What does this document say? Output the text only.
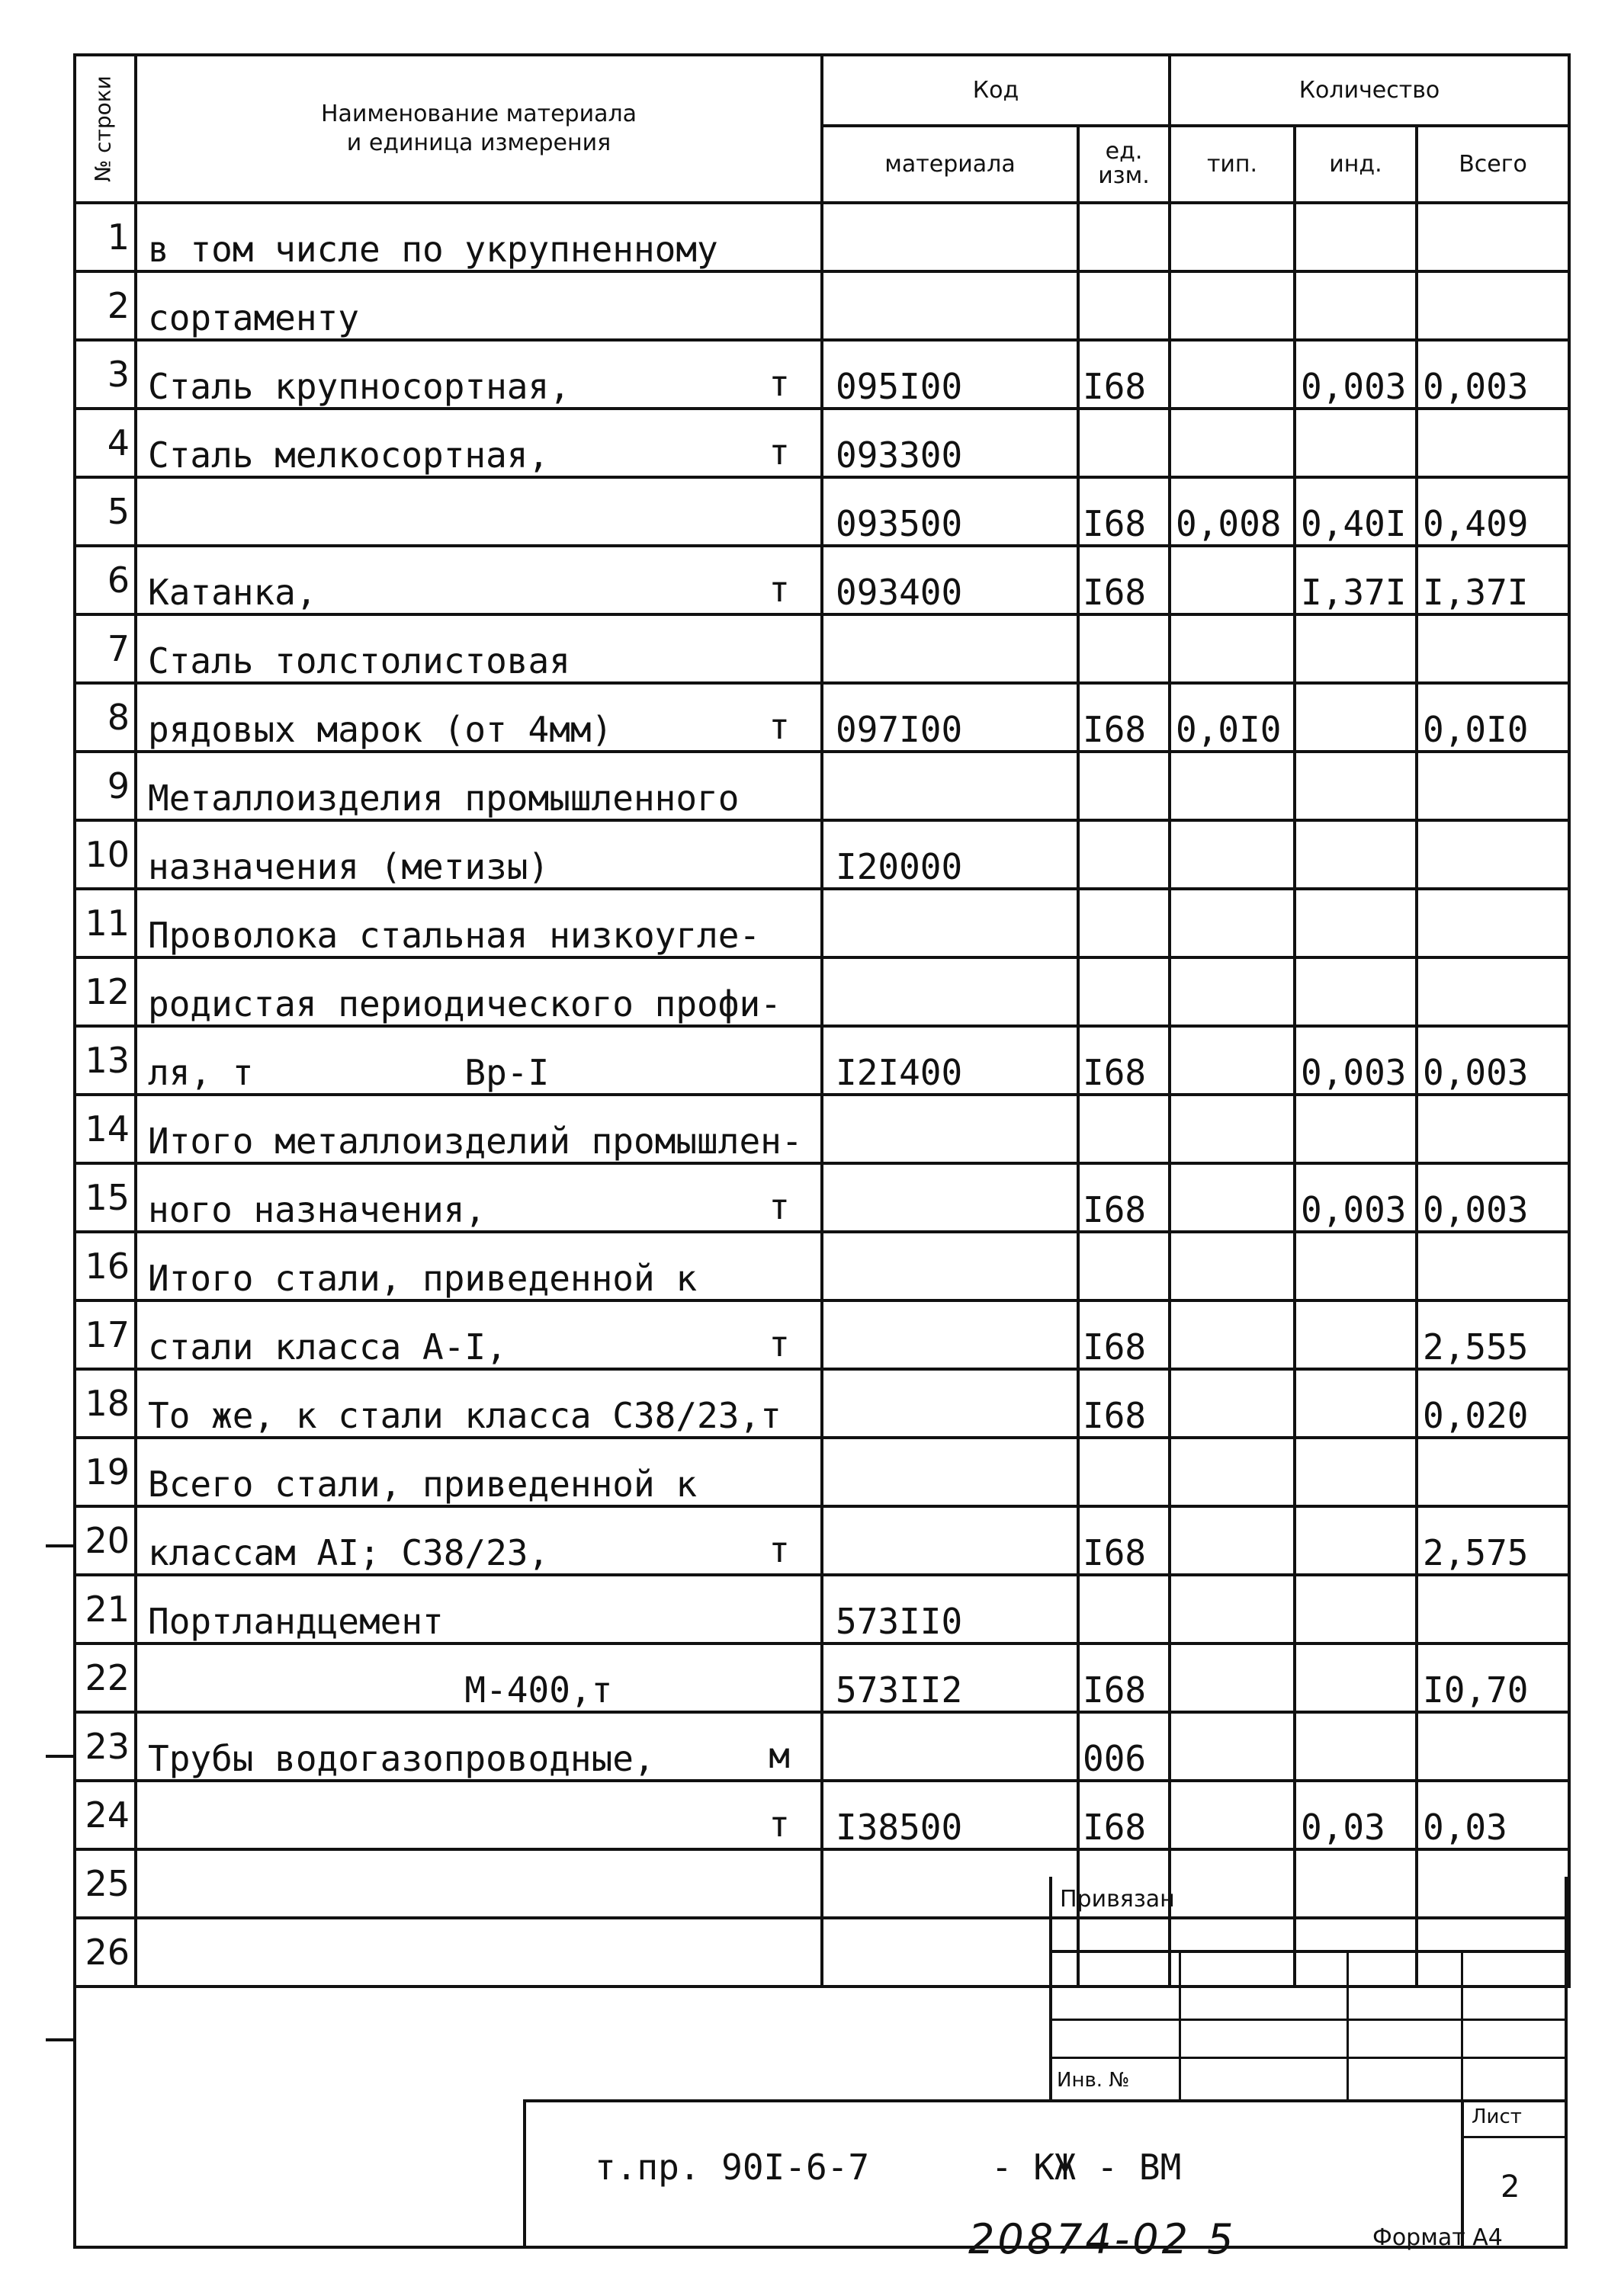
№ строки	Наименование материала
и единица измерения	Код		Количество		
		материала	ед.
изм.	тип.	инд.	Всего
1	в том числе по укрупненному

2	сортаменту

3	Сталь крупносортная, т	095I00	I68		0,003	0,003
4	Сталь мелкосортная, т	093300				
5		093500	I68	0,008	0,40I	0,409
6	Катанка, т	093400	I68		I,37I	I,37I
7	Сталь толстолистовая

8	рядовых марок (от 4мм) т	097I00	I68	0,0I0		0,0I0
9	Металлоизделия промышленного

10	назначения (метизы)	I20000				
11	Проволока стальная низкоугле-

12	родистая периодического профи-

13	ля, т          Вр-I	I2I400	I68		0,003	0,003
14	Итого металлоизделий промышлен-

15	ного назначения, т		I68		0,003	0,003
16	Итого стали, приведенной к

17	стали класса А-I, т		I68			2,555
18	То же, к стали класса С38/23,т		I68			0,020
19	Всего стали, приведенной к

20	классам АI; С38/23, т		I68			2,575
21	Портландцемент	573II0				
22	М-400,т	573II2	I68			I0,70
23	Трубы водогазопроводные, м		006			
24	т	I38500	I68		0,03	0,03
25	

26	

Привязан
Инв. №
т.пр. 90I-6-7	- КЖ - ВМ
Лист
2
20874-02 5	Формат А4
